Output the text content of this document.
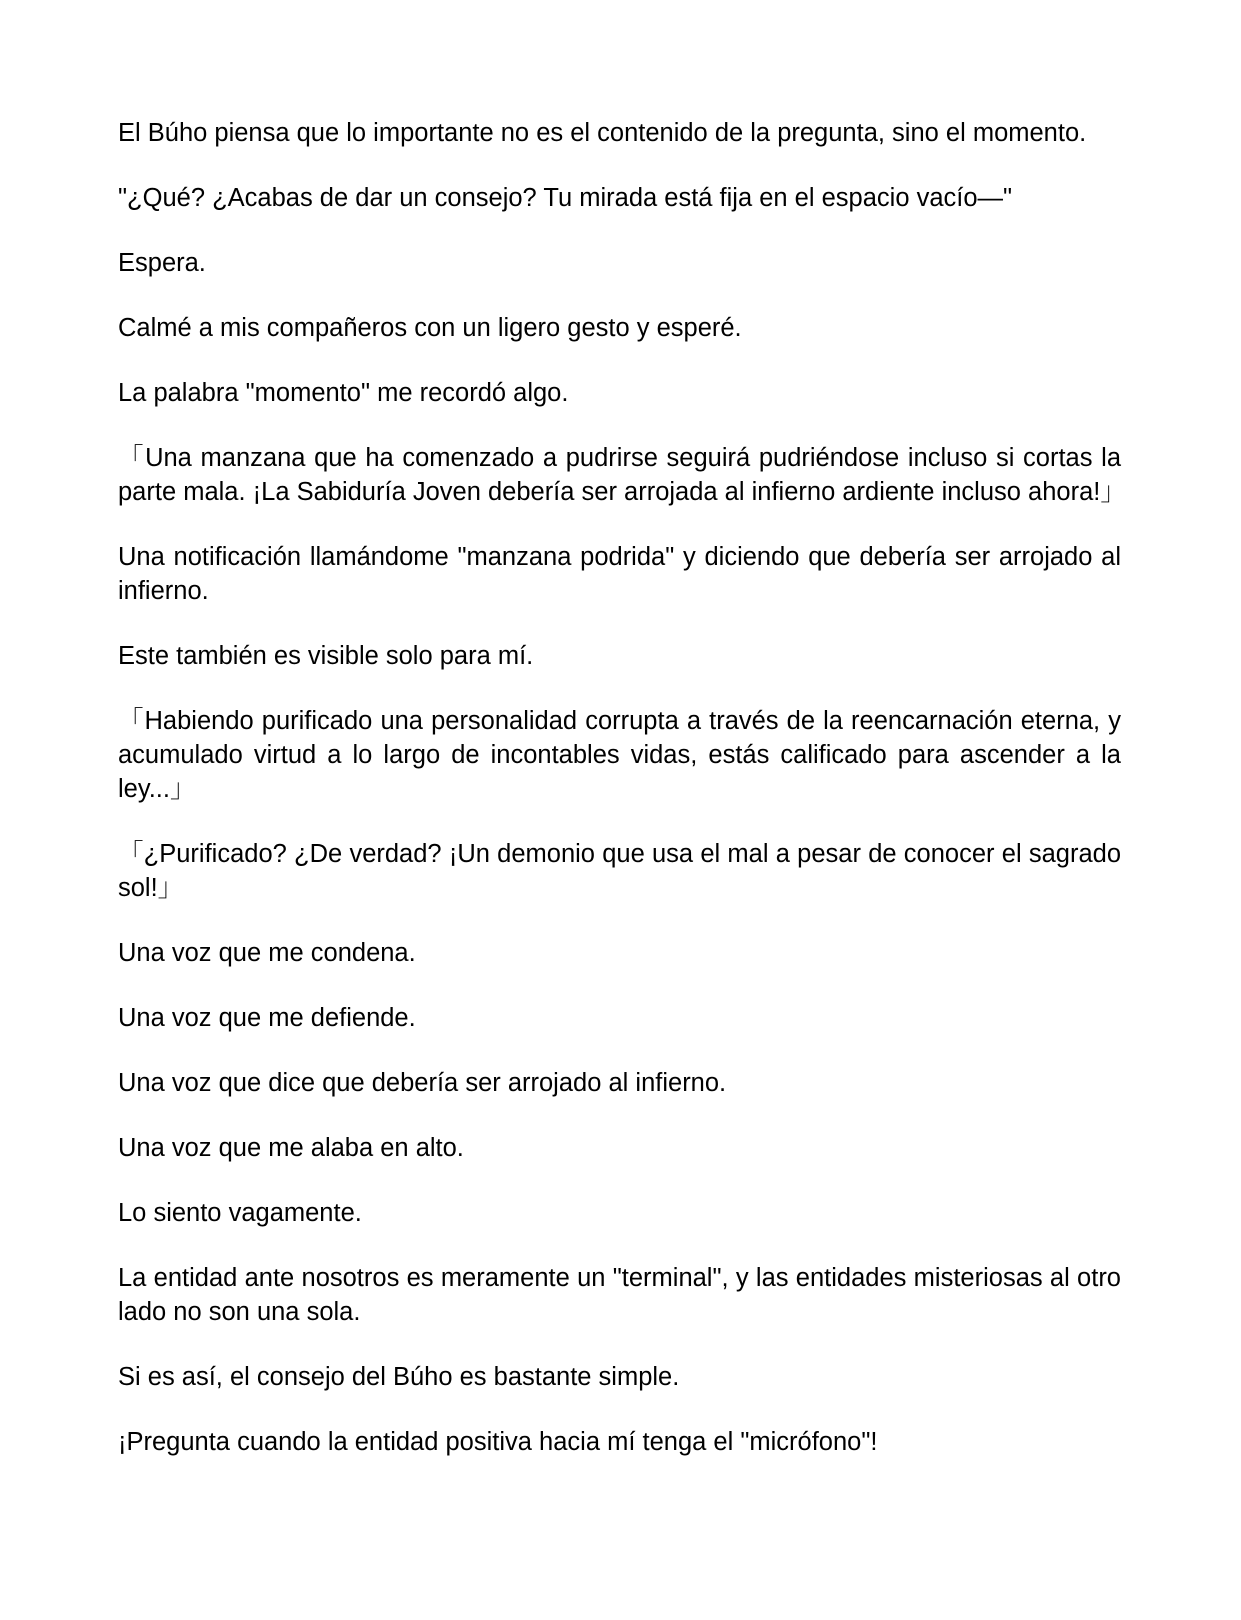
El Búho piensa que lo importante no es el contenido de la pregunta, sino el momento.

"¿Qué? ¿Acabas de dar un consejo? Tu mirada está fija en el espacio vacío—"

Espera.

Calmé a mis compañeros con un ligero gesto y esperé.

La palabra "momento" me recordó algo.

「Una manzana que ha comenzado a pudrirse seguirá pudriéndose incluso si cortas la parte mala. ¡La Sabiduría Joven debería ser arrojada al infierno ardiente incluso ahora!」

Una notificación llamándome "manzana podrida" y diciendo que debería ser arrojado al infierno.

Este también es visible solo para mí.

「Habiendo purificado una personalidad corrupta a través de la reencarnación eterna, y acumulado virtud a lo largo de incontables vidas, estás calificado para ascender a la ley...」

「¿Purificado? ¿De verdad? ¡Un demonio que usa el mal a pesar de conocer el sagrado sol!」

Una voz que me condena.

Una voz que me defiende.

Una voz que dice que debería ser arrojado al infierno.

Una voz que me alaba en alto.

Lo siento vagamente.

La entidad ante nosotros es meramente un "terminal", y las entidades misteriosas al otro lado no son una sola.

Si es así, el consejo del Búho es bastante simple.

¡Pregunta cuando la entidad positiva hacia mí tenga el "micrófono"!
